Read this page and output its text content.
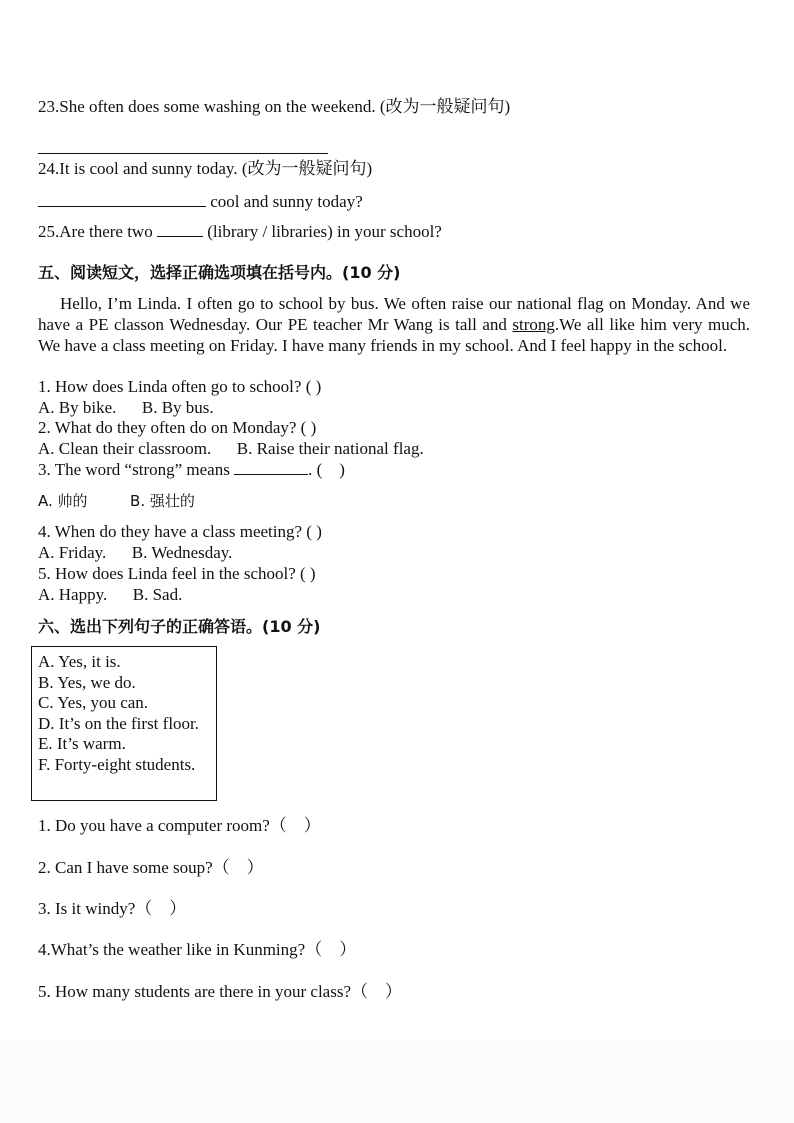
23.She often does some washing on the weekend. (改为一般疑问句)
24.It is cool and sunny today. (改为一般疑问句)
cool and sunny today?
25.Are there two	(library / libraries) in your school?
五、阅读短文，选择正确选项填在括号内。(10 分)
Hello, I’m Linda. I often go to school by bus. We often raise our national flag on Monday. And we have a PE classon Wednesday. Our PE teacher Mr Wang is tall and strong.We all like him very much. We have a class meeting on Friday. I have many friends in my school. And I feel happy in the school.
1. How does Linda often go to school? ( )
A. By bike.      B. By bus.
2. What do they often do on Monday? ( )
A. Clean their classroom.      B. Raise their national flag.
3. The word “strong” means	. (    )
A. 帅的	B. 强壮的
4. When do they have a class meeting? ( )
A. Friday.      B. Wednesday.
5. How does Linda feel in the school? ( )
A. Happy.      B. Sad.
六、选出下列句子的正确答语。(10 分)
A. Yes, it is.
B. Yes, we do.
C. Yes, you can.
D. It’s on the first floor.
E. It’s warm.
F. Forty-eight students.
1. Do you have a computer room?（    ）
2. Can I have some soup?（    ）
3. Is it windy?（    ）
4.What’s the weather like in Kunming?（    ）
5. How many students are there in your class?（    ）
